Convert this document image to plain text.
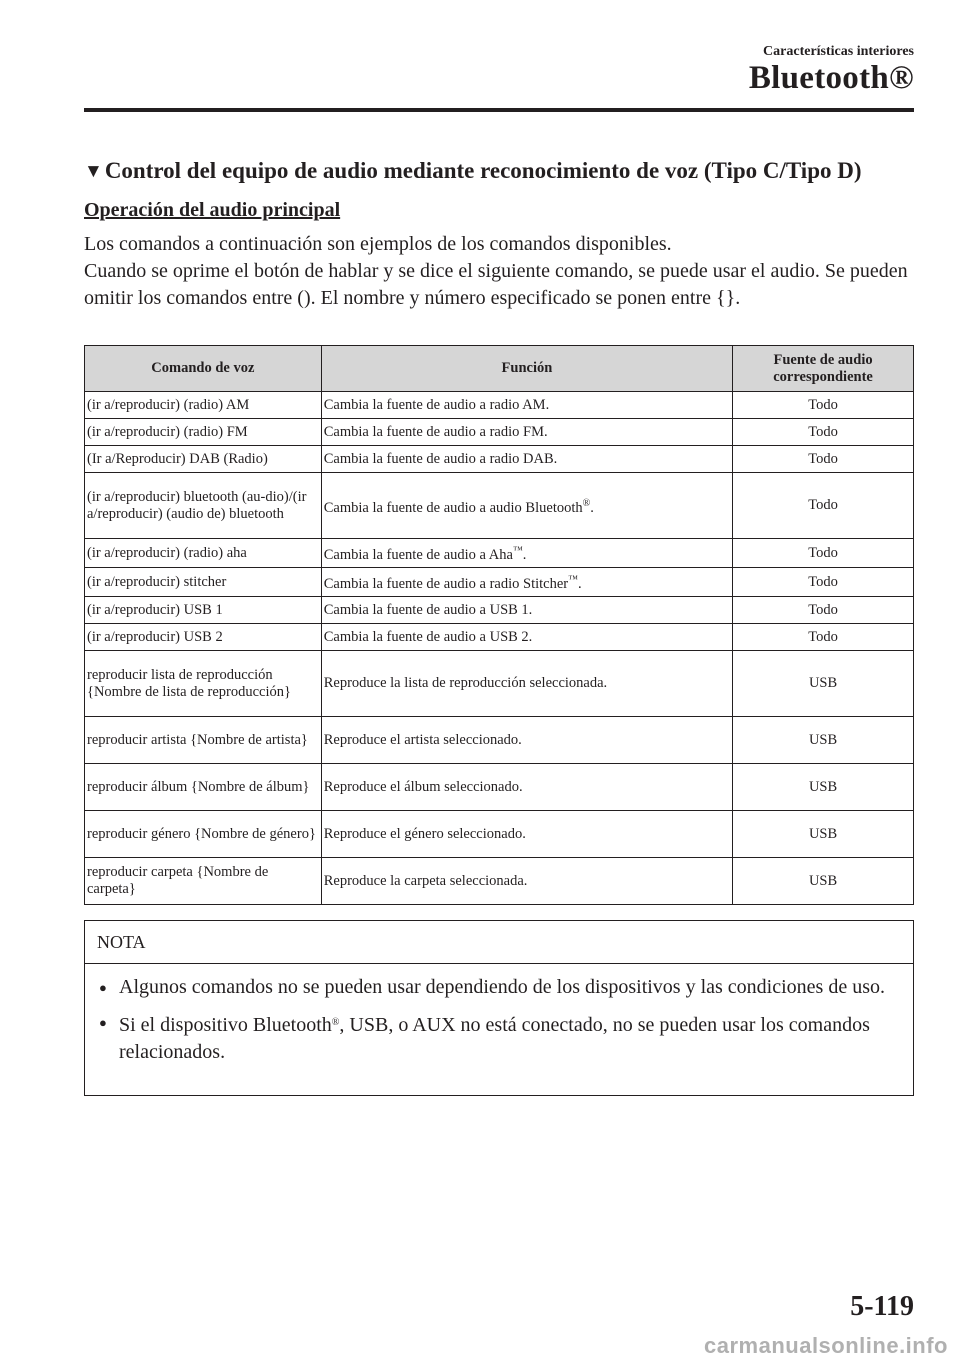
Características interiores
Bluetooth®
▼Control del equipo de audio mediante reconocimiento de voz (Tipo C/Tipo D)
Operación del audio principal

Los comandos a continuación son ejemplos de los comandos disponibles.

Cuando se oprime el botón de hablar y se dice el siguiente comando, se puede usar el audio. Se pueden omitir los comandos entre (). El nombre y número especificado se ponen entre {}.

Comando de voz	Función	Fuente de audio correspondiente
(ir a/reproducir) (radio) AM	Cambia la fuente de audio a radio AM.	Todo
(ir a/reproducir) (radio) FM	Cambia la fuente de audio a radio FM.	Todo
(Ir a/Reproducir) DAB (Radio)	Cambia la fuente de audio a radio DAB.	Todo
(ir a/reproducir) bluetooth (au-dio)/(ir a/reproducir) (audio de) bluetooth	Cambia la fuente de audio a audio Bluetooth®.	Todo
(ir a/reproducir) (radio) aha	Cambia la fuente de audio a Aha™.	Todo
(ir a/reproducir) stitcher	Cambia la fuente de audio a radio Stitcher™.	Todo
(ir a/reproducir) USB 1	Cambia la fuente de audio a USB 1.	Todo
(ir a/reproducir) USB 2	Cambia la fuente de audio a USB 2.	Todo
reproducir lista de reproducción {Nombre de lista de reproducción}	Reproduce la lista de reproducción seleccionada.	USB
reproducir artista {Nombre de artista}	Reproduce el artista seleccionado.	USB
reproducir álbum {Nombre de álbum}	Reproduce el álbum seleccionado.	USB
reproducir género {Nombre de género}	Reproduce el género seleccionado.	USB
reproducir carpeta {Nombre de carpeta}	Reproduce la carpeta seleccionada.	USB
NOTA
● Algunos comandos no se pueden usar dependiendo de los dispositivos y las condiciones de uso.
● Si el dispositivo Bluetooth®, USB, o AUX no está conectado, no se pueden usar los comandos relacionados.
5-119
carmanualsonline.info
